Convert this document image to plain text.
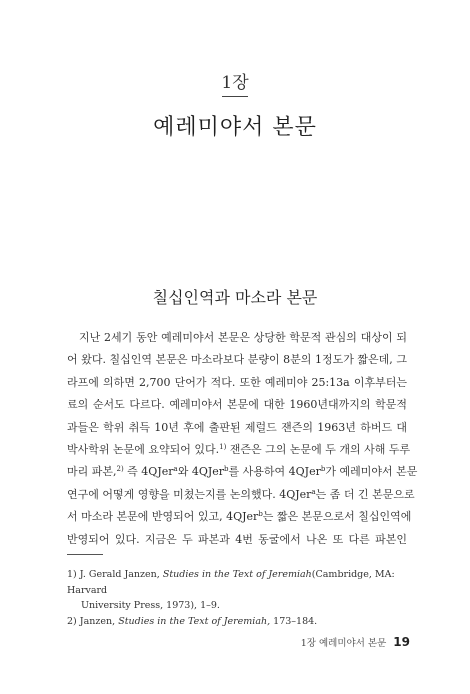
1장
예레미야서 본문
칠십인역과 마소라 본문
지난 2세기 동안 예레미야서 본문은 상당한 학문적 관심의 대상이 되
어 왔다. 칠십인역 본문은 마소라보다 분량이 8분의 1정도가 짧은데, 그
라프에 의하면 2,700 단어가 적다. 또한 예레미야 25:13a 이후부터는
료의 순서도 다르다. 예레미야서 본문에 대한 1960년대까지의 학문적
과들은 학위 취득 10년 후에 출판된 제럴드 잰즌의 1963년 하버드 대
박사학위 논문에 요약되어 있다.$^{1)}$ 잰즌은 그의 논문에 두 개의 사해 두루
마리 파본,$^{2)}$ 즉 4QJer$^a$와 4QJer$^b$를 사용하여 4QJer$^b$가 예레미야서 본문
연구에 어떻게 영향을 미쳤는지를 논의했다. 4QJer$^a$는 좀 더 긴 본문으로
서 마소라 본문에 반영되어 있고, 4QJer$^b$는 짧은 본문으로서 칠십인역에
반영되어 있다. 지금은 두 파본과 4번 동굴에서 나온 또 다른 파본인
1) J. Gerald Janzen, Studies in the Text of Jeremiah(Cambridge, MA: Harvard
University Press, 1973), 1–9.
2) Janzen, Studies in the Text of Jeremiah, 173–184.
1장 예레미야서 본문 19
